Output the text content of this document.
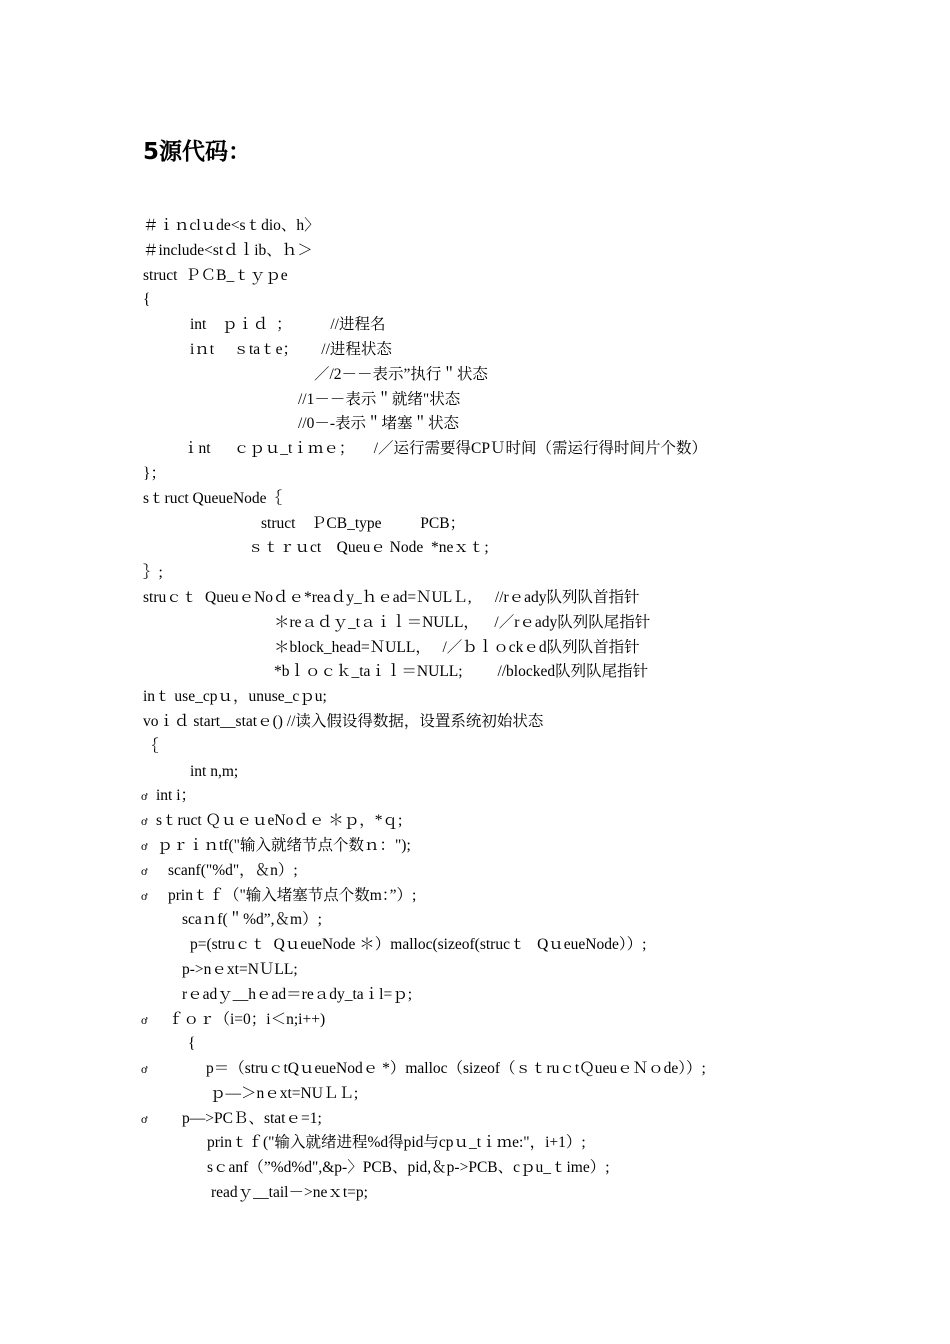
5源代码：
＃ｉｎclｕde<sｔdio、h〉
＃include<stｄｌib、ｈ＞
struct  ＰＣB_ｔｙｐe
{
int    ｐｉｄ  ；          //进程名
iｎt     ｓtaｔe；      //进程状态
／/2－－表示”执行＂状态
//1－－表示＂就绪"状态
//0－-表示＂堵塞＂状态
ｉnt      ｃｐｕ_tｉｍｅ；     /／运行需要得CPＵ时间（需运行得时间片个数）
}；
sｔruct QueueNode｛
struct    ＰCB_type          PCB；
ｓｔｒｕct    Queuｅ Node  *neｘｔ;
｝;
struｃｔ  QueuｅNoｄｅ*reaｄy_ｈｅad=ＮULＬ,      //rｅady队列队首指针
＊reａｄｙ_tａｉｌ＝NULL，    /／rｅady队列队尾指针
＊block_head=ＮULL，   /／ｂｌｏckｅd队列队首指针
*bｌｏｃｋ_taｉｌ＝NULL;         //blocked队列队尾指针
inｔ use_cpｕ，unuse_cｐu;
voｉｄ start__statｅ() //读入假设得数据，设置系统初始状态
｛
int n,m;
ơ int i；
ơ sｔruct ＱｕｅｕeNoｄｅ ＊ｐ，*ｑ;
ơ ｐｒｉｎtf("输入就绪节点个数ｎ：");
ơ scanf("%d"，＆n）;
ơ prinｔｆ（"输入堵塞节点个数m：”）;
scaｎf(＂%d”,＆m）;
p=(struｃｔ  QｕeueNode ＊）malloc(sizeof(strucｔ   QｕeueNode））;
p->nｅxt=NＵLL;
rｅadｙ__hｅad＝reａdy_taｉl=ｐ;
ơ ｆｏｒ（i=0；i＜n;i++)
{
ơ	p＝（struｃtQｕeueNodｅ *）malloc（sizeof（ｓｔruｃtＱueuｅＮｏde））;
ｐ—＞nｅxt=NUＬＬ;
ơ p—>PCＢ、statｅ=1;
prinｔｆ("输入就绪进程%d得pid与cpｕ_tｉｍe:"，i+1）;
sｃanf（”%d%d",&p-〉PCB、pid,＆p->PCB、cｐu_ｔime）;
readｙ__tail－>neｘt=p;
